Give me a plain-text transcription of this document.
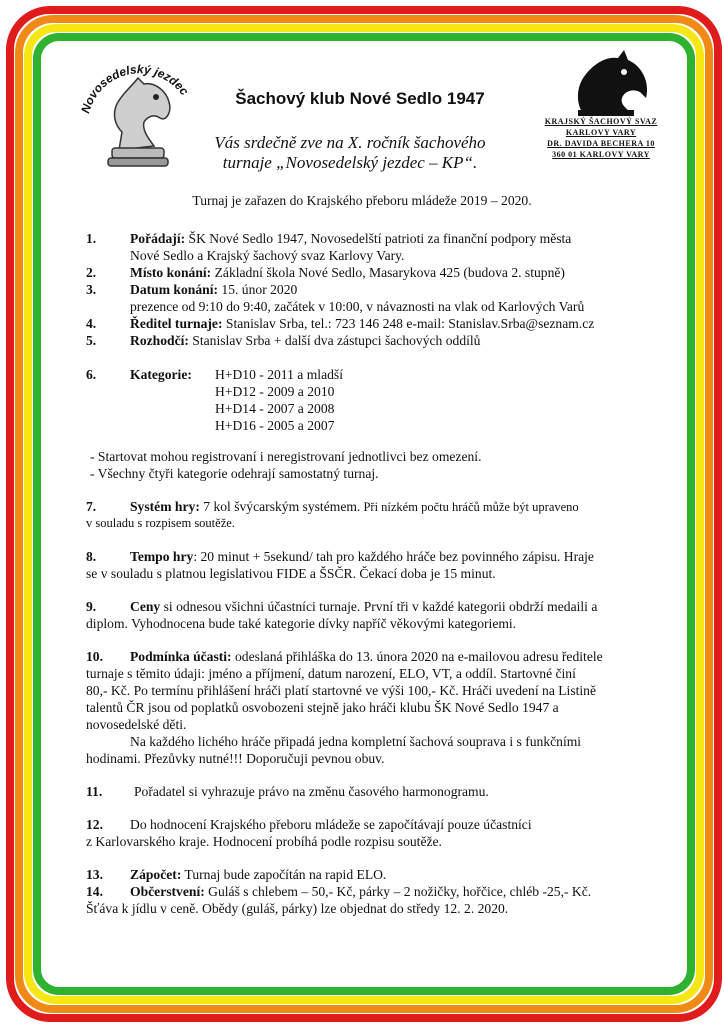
Novosedelský jezdec
KRAJSKÝ ŠACHOVÝ SVAZ
KARLOVY VARY
DR. DAVIDA BECHERA 10
360 01 KARLOVY VARY
Šachový klub Nové Sedlo 1947
Vás srdečně zve na X. ročník šachového
turnaje „Novosedelský jezdec – KP“.
Turnaj je zařazen do Krajského přeboru mládeže 2019 – 2020.
1. Pořádají: ŠK Nové Sedlo 1947, Novosedelští patrioti za finanční podpory města
Nové Sedlo a Krajský šachový svaz Karlovy Vary.
2. Místo konání: Základní škola Nové Sedlo, Masarykova 425 (budova 2. stupně)
3. Datum konání: 15. únor 2020
prezence od 9:10 do 9:40, začátek v 10:00, v návaznosti na vlak od Karlových Varů
4. Ředitel turnaje: Stanislav Srba, tel.: 723 146 248 e-mail: Stanislav.Srba@seznam.cz
5. Rozhodčí: Stanislav Srba + další dva zástupci šachových oddílů
6. Kategorie: H+D10 - 2011 a mladší
H+D12 - 2009 a 2010
H+D14 - 2007 a 2008
H+D16 - 2005 a 2007
- Startovat mohou registrovaní i neregistrovaní jednotlivci bez omezení.
- Všechny čtyři kategorie odehrají samostatný turnaj.
7. Systém hry: 7 kol švýcarským systémem. Při nízkém počtu hráčů může být upraveno
v souladu s rozpisem soutěže.
8. Tempo hry: 20 minut + 5sekund/ tah pro každého hráče bez povinného zápisu. Hraje
se v souladu s platnou legislativou FIDE a ŠSČR. Čekací doba je 15 minut.
9. Ceny si odnesou všichni účastníci turnaje. První tři v každé kategorii obdrží medaili a
diplom. Vyhodnocena bude také kategorie dívky napříč věkovými kategoriemi.
10. Podmínka účasti: odeslaná přihláška do 13. února 2020 na e-mailovou adresu ředitele
turnaje s těmito údaji: jméno a příjmení, datum narození, ELO, VT, a oddíl. Startovné činí
80,- Kč. Po termínu přihlášení hráči platí startovné ve výši 100,- Kč. Hráči uvedení na Listině
talentů ČR jsou od poplatků osvobozeni stejně jako hráči klubu ŠK Nové Sedlo 1947 a
novosedelské děti.
Na každého lichého hráče připadá jedna kompletní šachová souprava i s funkčními
hodinami. Přezůvky nutné!!! Doporučuji pevnou obuv.
11. Pořadatel si vyhrazuje právo na změnu časového harmonogramu.
12. Do hodnocení Krajského přeboru mládeže se započítávají pouze účastníci
z Karlovarského kraje. Hodnocení probíhá podle rozpisu soutěže.
13. Zápočet: Turnaj bude započítán na rapid ELO.
14. Občerstvení: Guláš s chlebem – 50,- Kč, párky – 2 nožičky, hořčice, chléb -25,- Kč.
Šťáva k jídlu v ceně. Obědy (guláš, párky) lze objednat do středy 12. 2. 2020.
